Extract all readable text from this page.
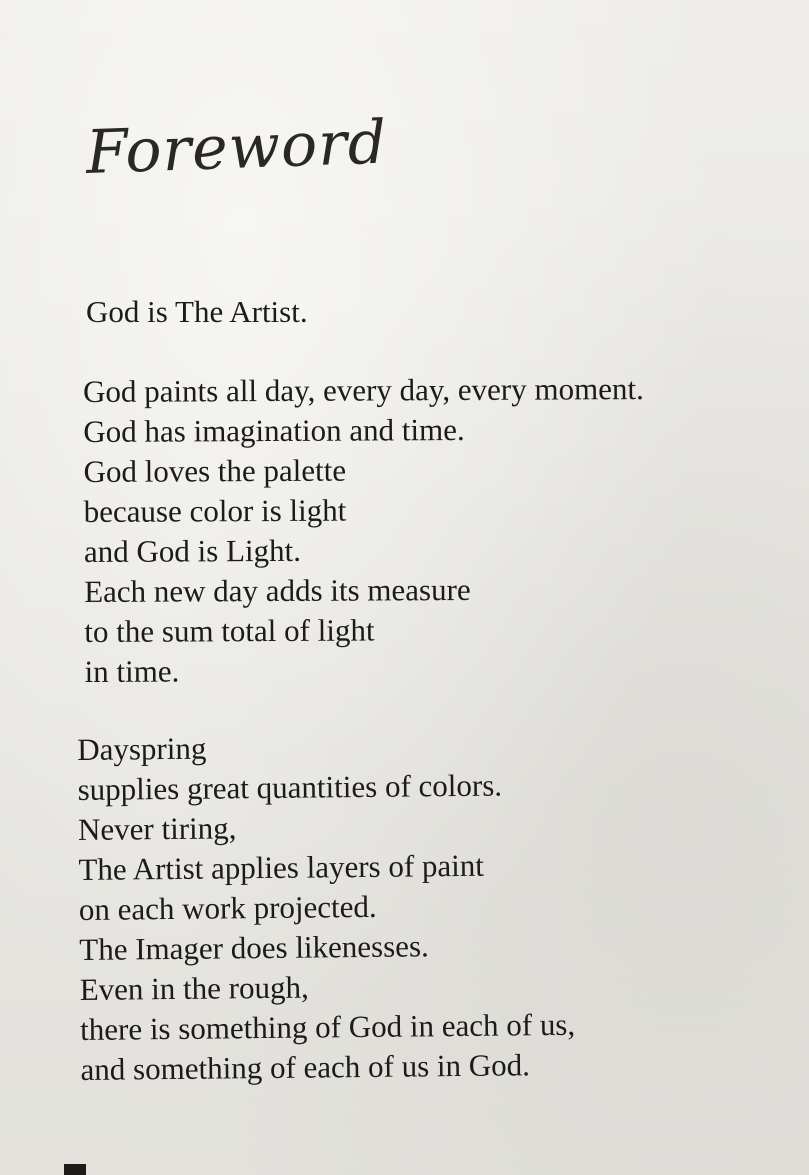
Foreword

God is The Artist.

God paints all day, every day, every moment.
God has imagination and time.
God loves the palette
because color is light
and God is Light.
Each new day adds its measure
to the sum total of light
in time.

Dayspring
supplies great quantities of colors.
Never tiring,
The Artist applies layers of paint
on each work projected.
The Imager does likenesses.
Even in the rough,
there is something of God in each of us,
and something of each of us in God.
